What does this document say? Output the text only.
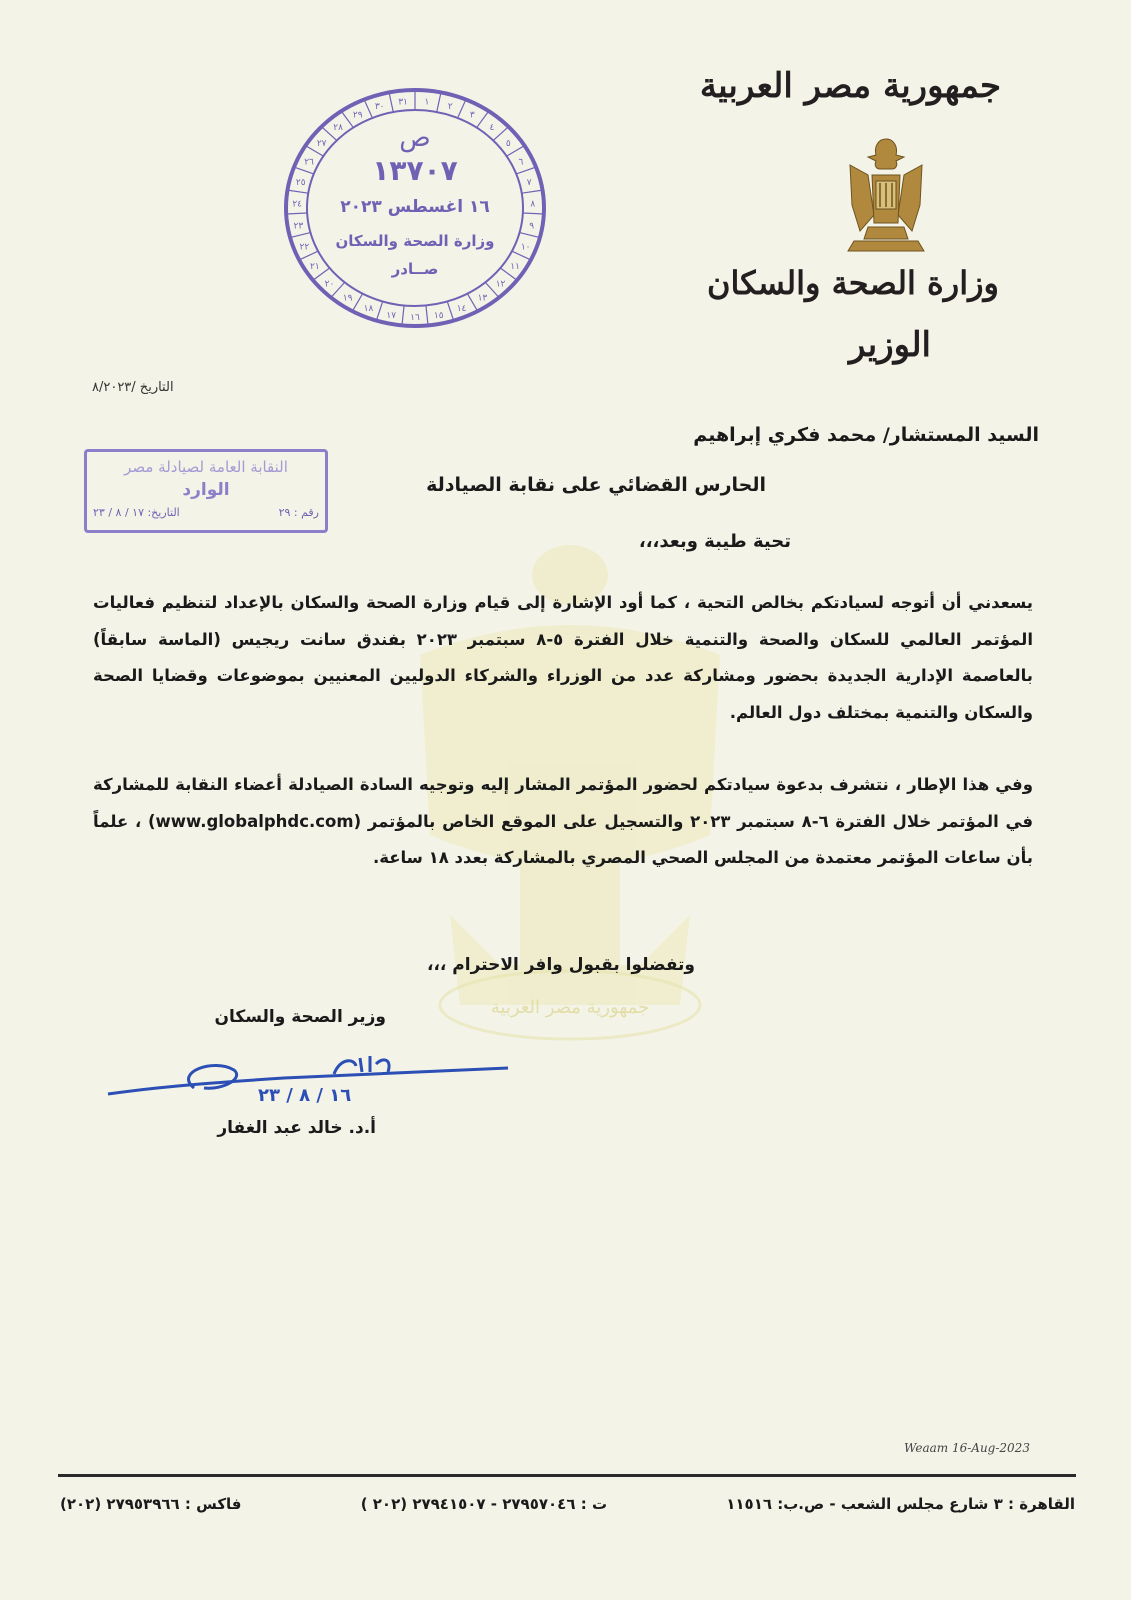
جمهورية مصر العربية
جمهورية مصر العربية
وزارة الصحة والسكان
الوزير
١ ٢
٣
٤
٥
٦
٧
٨
٩
١٠
١١
١٢
١٣
١٤
١٥
١٦
١٧
١٨
١٩
٢٠
٢١
٢٢
٢٣
٢٤
٢٥
٢٦
٢٧
٢٨
٢٩
٣٠ ٣١
ص
١٣٧٠٧
١٦ اغسطس ٢٠٢٣
وزارة الصحة والسكان
صــادر
التاريخ /٨/٢٠٢٣
السيد المستشار/ محمد فكري إبراهيم
الحارس القضائي على نقابة الصيادلة
النقابة العامة لصيادلة مصر
الوارد
رقم : ٢٩
التاريخ: ١٧ / ٨ / ٢٣
تحية طيبة وبعد،،،
يسعدني أن أتوجه لسيادتكم بخالص التحية ، كما أود الإشارة إلى قيام وزارة الصحة والسكان بالإعداد لتنظيم فعاليات المؤتمر العالمي للسكان والصحة والتنمية خلال الفترة ٥-٨ سبتمبر ٢٠٢٣ بفندق سانت ريجيس (الماسة سابقاً) بالعاصمة الإدارية الجديدة بحضور ومشاركة عدد من الوزراء والشركاء الدوليين المعنيين بموضوعات وقضايا الصحة والسكان والتنمية بمختلف دول العالم.
وفي هذا الإطار ، نتشرف بدعوة سيادتكم لحضور المؤتمر المشار إليه وتوجيه السادة الصيادلة أعضاء النقابة للمشاركة في المؤتمر خلال الفترة ٦-٨ سبتمبر ٢٠٢٣ والتسجيل على الموقع الخاص بالمؤتمر (www.globalphdc.com) ، علماً بأن ساعات المؤتمر معتمدة من المجلس الصحي المصري بالمشاركة بعدد ١٨ ساعة.
وتفضلوا بقبول وافر الاحترام ،،،
وزير الصحة والسكان
١٦ / ٨ / ٢٣
أ.د. خالد عبد الغفار
Weaam 16-Aug-2023
القاهرة : ٣ شارع مجلس الشعب - ص.ب: ١١٥١٦
ت : ٢٧٩٥٧٠٤٦ - ٢٧٩٤١٥٠٧ (٢٠٢ )
فاكس : ٢٧٩٥٣٩٦٦ (٢٠٢)
